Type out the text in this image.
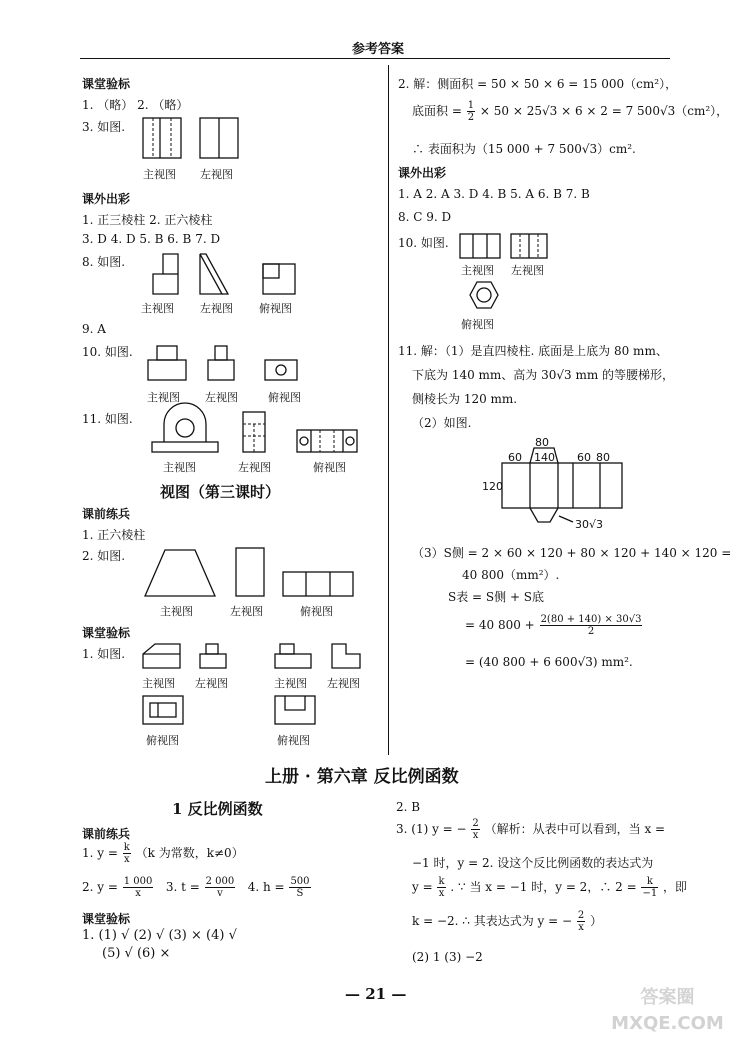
参考答案
课堂验标
1. （略） 2. （略）
3. 如图.
主视图 左视图
课外出彩
1. 正三棱柱 2. 正六棱柱
3. D 4. D 5. B 6. B 7. D
8. 如图.
主视图 左视图 俯视图
9. A
10. 如图.
主视图 左视图	俯视图
11. 如图.
主视图	左视图	俯视图
视图（第三课时）
课前练兵
1. 正六棱柱
2. 如图.
主视图	左视图	俯视图
课堂验标
1. 如图.
主视图 左视图	主视图 左视图
俯视图	俯视图
2. 解：侧面积 = 50 × 50 × 6 = 15 000（cm²），
底面积 = $\frac{1}{2} \times 50 \times 25√3 \times 6 \times 2 = 7$ 500√3（cm²），
∴ 表面积为（15 000 + 7 500√3）cm².
课外出彩
1. A 2. A 3. D 4. B 5. A 6. B 7. B
8. C 9. D
10. 如图.
主视图 左视图
俯视图
11. 解：（1）是直四棱柱. 底面是上底为 80 mm、
下底为 140 mm、高为 30√3 mm 的等腰梯形，
侧棱长为 120 mm.
（2）如图.
80
60 140 60 80
120
30√3
（3）S侧 = 2 × 60 × 120 + 80 × 120 + 140 × 120 =
40 800（mm²）.
S表 = S侧 + S底
= 40 $800 + \frac{2(80 + 140) \times 30√3}{2}$
= (40 800 + 6 600√3) mm².
上册 · 第六章 反比例函数
1 反比例函数
课前练兵
1. $y = \frac{k}{x} (k$ 为常数，k≠0）
2. $y = \frac{1 000}{x} 3$. $t = \frac{2 000}{v} 4$. $h = \frac{500}{S}$
课堂验标
1. (1) √ (2) √ (3) × (4) √
(5) √ (6) ×
2. B
3. (1) y = − $\frac{2}{x}$ （解析：从表中可以看到，当 x =
−1 时，y = 2. 设这个反比例函数的表达式为
$y = \frac{k}{x}$ . ∵ 当 x = −1 时，y = 2，∴ $2 = \frac{k}{-1}$ ，即
k = −2. ∴ 其表达式为 y = − $\frac{2}{x}$ ）
(2) 1 (3) −2
— 21 —	答案圈 MXQE.COM
